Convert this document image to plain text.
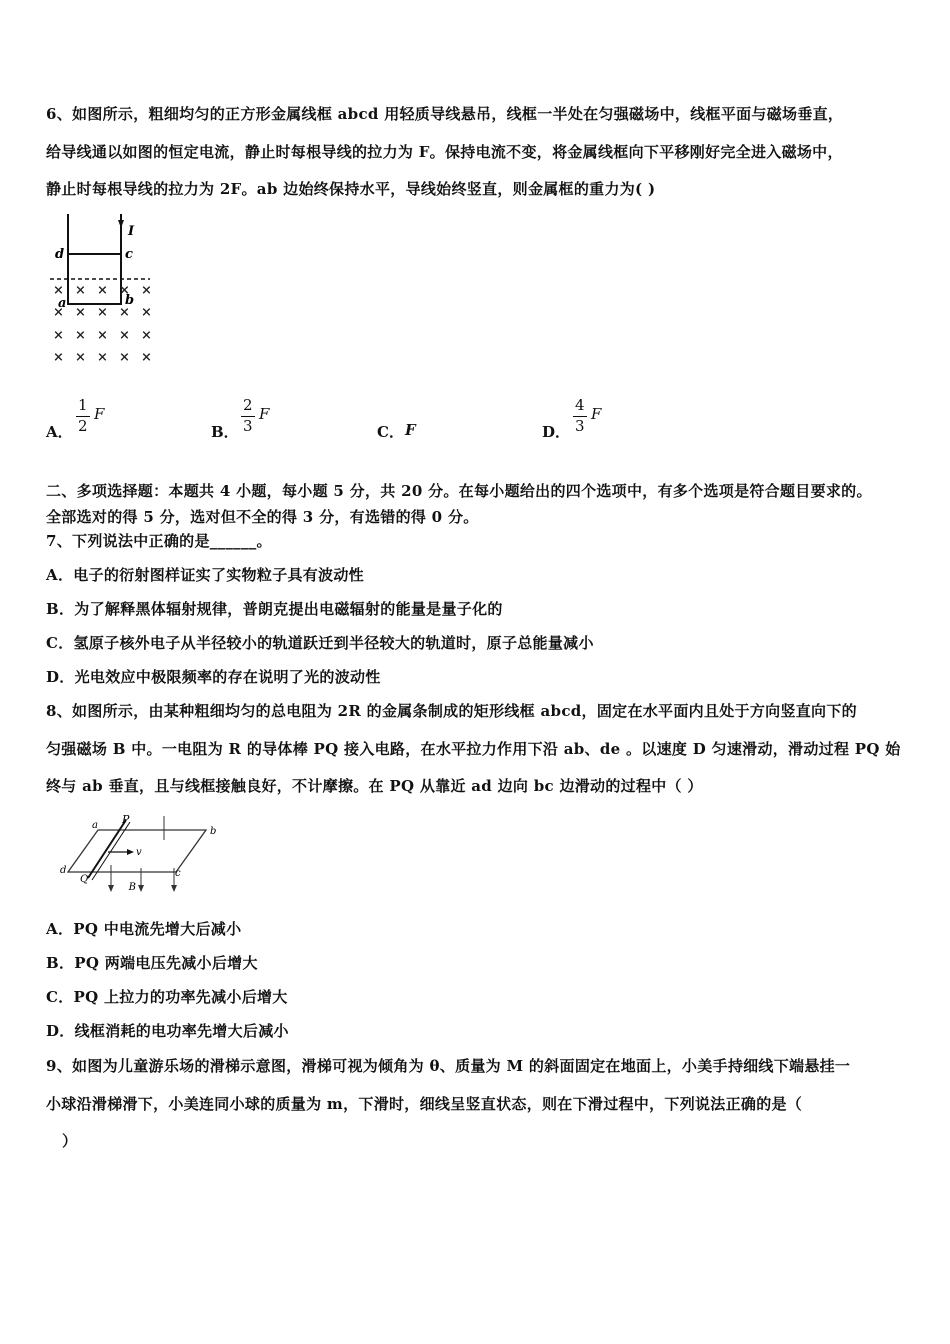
6、如图所示，粗细均匀的正方形金属线框 abcd 用轻质导线悬吊，线框一半处在匀强磁场中，线框平面与磁场垂直，
给导线通以如图的恒定电流，静止时每根导线的拉力为 F。保持电流不变，将金属线框向下平移刚好完全进入磁场中，
静止时每根导线的拉力为 2F。ab 边始终保持水平，导线始终竖直，则金属框的重力为( )
d	c
I
a	b
× × × × ×
× × × × ×
× × × × ×
× × × × ×
A．
1
2
F
B．
2
3
F
C． F	D．
4
3
F
二、多项选择题：本题共 4 小题，每小题 5 分，共 20 分。在每小题给出的四个选项中，有多个选项是符合题目要求的。
全部选对的得 5 分，选对但不全的得 3 分，有选错的得 0 分。
7、下列说法中正确的是______。
A．电子的衍射图样证实了实物粒子具有波动性
B．为了解释黑体辐射规律，普朗克提出电磁辐射的能量是量子化的
C．氢原子核外电子从半径较小的轨道跃迁到半径较大的轨道时，原子总能量减小
D．光电效应中极限频率的存在说明了光的波动性
8、如图所示，由某种粗细均匀的总电阻为 2R 的金属条制成的矩形线框 abcd，固定在水平面内且处于方向竖直向下的
匀强磁场 B 中。一电阻为 R 的导体棒 PQ 接入电路，在水平拉力作用下沿 ab、de 。以速度 D 匀速滑动，滑动过程 PQ 始
终与 ab 垂直，且与线框接触良好，不计摩擦。在 PQ 从靠近 ad 边向 bc 边滑动的过程中（ ）
a P
b
v
d
Q
B
c
A．PQ 中电流先增大后减小
B．PQ 两端电压先减小后增大
C．PQ 上拉力的功率先减小后增大
D．线框消耗的电功率先增大后减小
9、如图为儿童游乐场的滑梯示意图，滑梯可视为倾角为 θ、质量为 M 的斜面固定在地面上，小美手持细线下端悬挂一
小球沿滑梯滑下，小美连同小球的质量为 m，下滑时，细线呈竖直状态，则在下滑过程中，下列说法正确的是（
）
